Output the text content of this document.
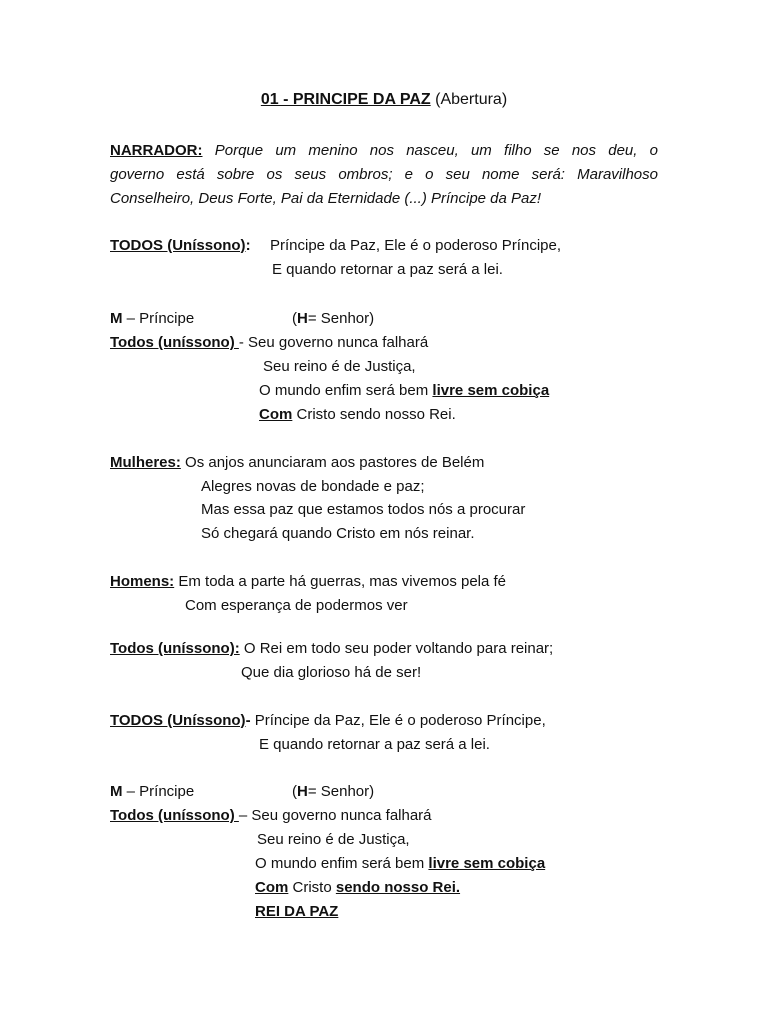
01 - PRINCIPE DA PAZ (Abertura)
NARRADOR: Porque um menino nos nasceu, um filho se nos deu, o
governo está sobre os seus ombros; e o seu nome será: Maravilhoso
Conselheiro, Deus Forte, Pai da Eternidade (...) Príncipe da Paz!
TODOS (Uníssono): Príncipe da Paz, Ele é o poderoso Príncipe,
E quando retornar a paz será a lei.
M – Príncipe	(H= Senhor)
Todos (uníssono) - Seu governo nunca falhará
Seu reino é de Justiça,
O mundo enfim será bem livre sem cobiça
Com Cristo sendo nosso Rei.
Mulheres: Os anjos anunciaram aos pastores de Belém
Alegres novas de bondade e paz;
Mas essa paz que estamos todos nós a procurar
Só chegará quando Cristo em nós reinar.
Homens: Em toda a parte há guerras, mas vivemos pela fé
Com esperança de podermos ver
Todos (uníssono): O Rei em todo seu poder voltando para reinar;
Que dia glorioso há de ser!
TODOS (Uníssono)- Príncipe da Paz, Ele é o poderoso Príncipe,
E quando retornar a paz será a lei.
M – Príncipe	(H= Senhor)
Todos (uníssono) – Seu governo nunca falhará
Seu reino é de Justiça,
O mundo enfim será bem livre sem cobiça
Com Cristo sendo nosso Rei.
REI DA PAZ
